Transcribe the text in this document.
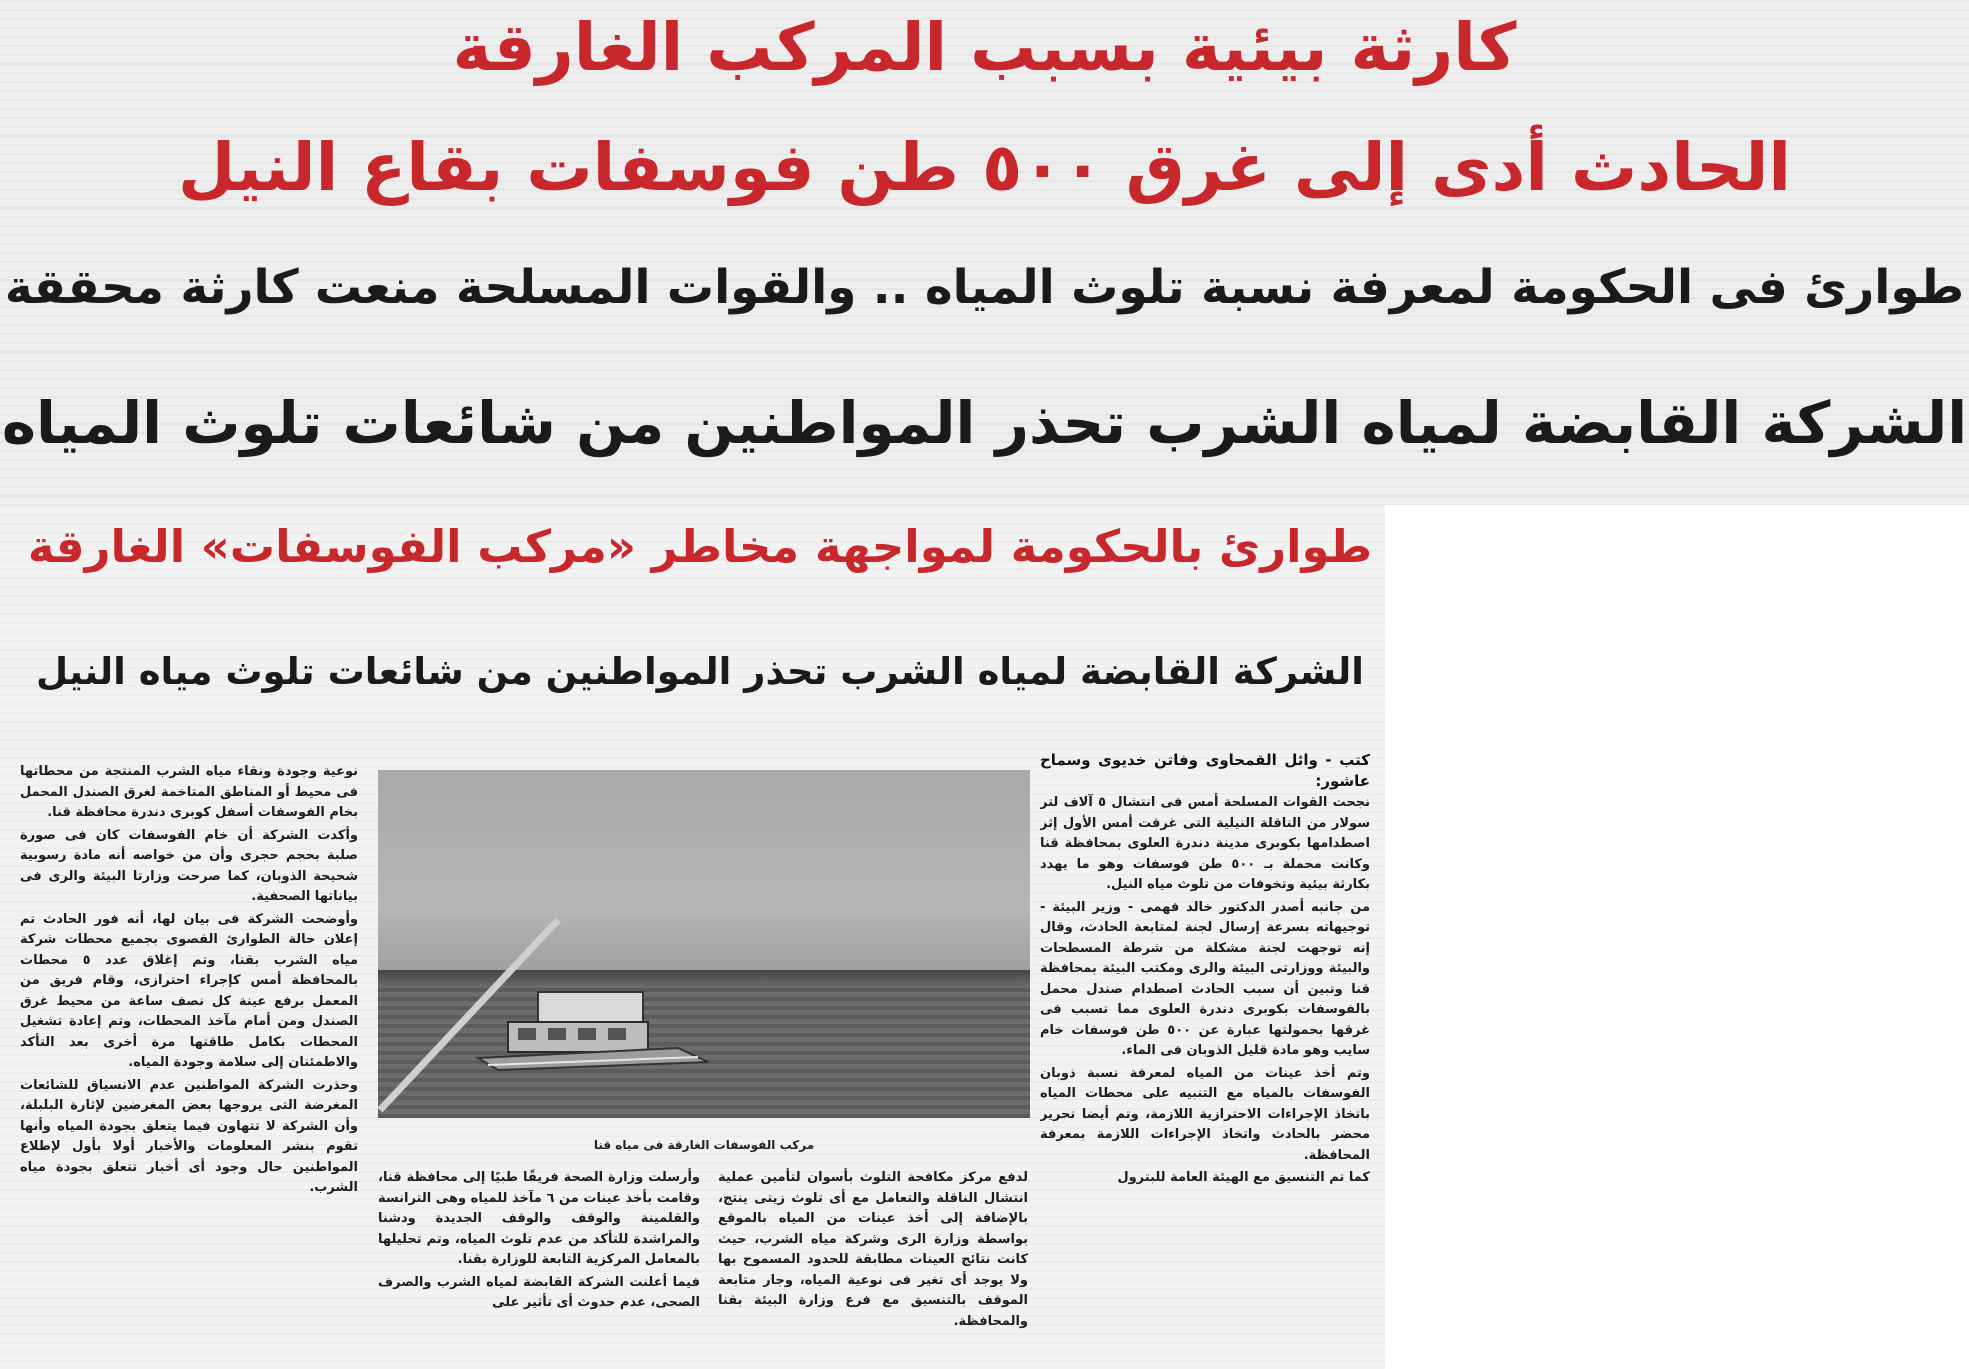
كارثة بيئية بسبب المركب الغارقة
الحادث أدى إلى غرق ٥٠٠ طن فوسفات بقاع النيل
طوارئ فى الحكومة لمعرفة نسبة تلوث المياه .. والقوات المسلحة منعت كارثة محققة
الشركة القابضة لمياه الشرب تحذر المواطنين من شائعات تلوث المياه
طوارئ بالحكومة لمواجهة مخاطر «مركب الفوسفات» الغارقة
الشركة القابضة لمياه الشرب تحذر المواطنين من شائعات تلوث مياه النيل
مركب الفوسفات الغارقة فى مياه قنا

كتب - وائل القمحاوى وفاتن خديوى وسماح عاشور:

نجحت القوات المسلحة أمس فى انتشال ٥ آلاف لتر سولار من الناقلة النيلية التى غرقت أمس الأول إثر اصطدامها بكوبرى مدينة دندرة العلوى بمحافظة قنا وكانت محملة بـ ٥٠٠ طن فوسفات وهو ما يهدد بكارثة بيئية وتخوفات من تلوث مياه النيل.

من جانبه أصدر الدكتور خالد فهمى - وزير البيئة - توجيهاته بسرعة إرسال لجنة لمتابعة الحادث، وقال إنه توجهت لجنة مشكلة من شرطة المسطحات والبيئة ووزارتى البيئة والرى ومكتب البيئة بمحافظة قنا وتبين أن سبب الحادث اصطدام صندل محمل بالفوسفات بكوبرى دندرة العلوى مما تسبب فى غرقها بحمولتها عبارة عن ٥٠٠ طن فوسفات خام سايب وهو مادة قليل الذوبان فى الماء.

وتم أخذ عينات من المياه لمعرفة نسبة ذوبان الفوسفات بالمياه مع التنبيه على محطات المياه باتخاذ الإجراءات الاحترازية اللازمة، وتم أيضا تحرير محضر بالحادث واتخاذ الإجراءات اللازمة بمعرفة المحافظة.

كما تم التنسيق مع الهيئة العامة للبترول

لدفع مركز مكافحة التلوث بأسوان لتأمين عملية انتشال الناقلة والتعامل مع أى تلوث زيتى ينتج، بالإضافة إلى أخذ عينات من المياه بالموقع بواسطة وزارة الرى وشركة مياه الشرب، حيث كانت نتائج العينات مطابقة للحدود المسموح بها ولا يوجد أى تغير فى نوعية المياه، وجار متابعة الموقف بالتنسيق مع فرع وزارة البيئة بقنا والمحافظة.

وأرسلت وزارة الصحة فريقًا طبيًا إلى محافظة قنا، وقامت بأخذ عينات من ٦ مآخذ للمياه وهى الترانسة والقلمينة والوقف والوقف الجديدة ودشنا والمراشدة للتأكد من عدم تلوث المياه، وتم تحليلها بالمعامل المركزية التابعة للوزارة بقنا.

فيما أعلنت الشركة القابضة لمياه الشرب والصرف الصحى، عدم حدوث أى تأثير على

نوعية وجودة ونقاء مياه الشرب المنتجة من محطاتها فى محيط أو المناطق المتاخمة لغرق الصندل المحمل بخام الفوسفات أسفل كوبرى دندرة محافظة قنا.

وأكدت الشركة أن خام الفوسفات كان فى صورة صلبة بحجم حجرى وأن من خواصه أنه مادة رسوبية شحيحة الذوبان، كما صرحت وزارتا البيئة والرى فى بياناتها الصحفية.

وأوضحت الشركة فى بيان لها، أنه فور الحادث تم إعلان حالة الطوارئ القصوى بجميع محطات شركة مياه الشرب بقنا، وتم إغلاق عدد ٥ محطات بالمحافظة أمس كإجراء احترازى، وقام فريق من المعمل برفع عينة كل نصف ساعة من محيط غرق الصندل ومن أمام مآخذ المحطات، وتم إعادة تشغيل المحطات بكامل طاقتها مرة أخرى بعد التأكد والاطمئنان إلى سلامة وجودة المياه.

وحذرت الشركة المواطنين عدم الانسياق للشائعات المغرضة التى يروجها بعض المغرضين لإثارة البلبلة، وأن الشركة لا تتهاون فيما يتعلق بجودة المياه وأنها تقوم بنشر المعلومات والأخبار أولا بأول لإطلاع المواطنين حال وجود أى أخبار تتعلق بجودة مياه الشرب.
